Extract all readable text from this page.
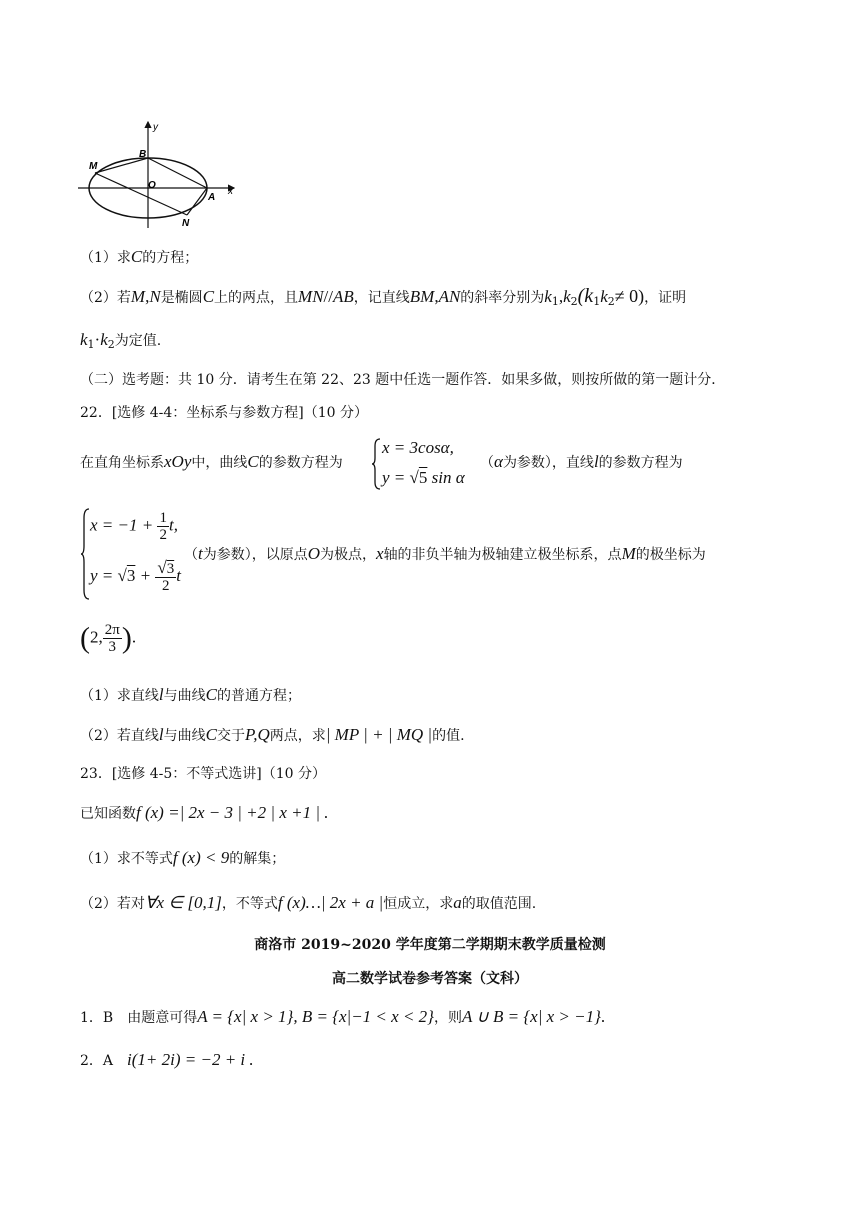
y
B
M
O
A
x
N
（1）求C的方程；
（2）若M,N是椭圆C上的两点，且MN//AB，记直线BM,AN的斜率分别为$k_1,k_2(k_1k_2\ne 0)$，证明
$k_1\cdot k_2$为定值.
（二）选考题：共 10 分．请考生在第 22、23 题中任选一题作答．如果多做，则按所做的第一题计分．
22．[选修 4-4：坐标系与参数方程]（10 分）
在直角坐标系xOy中，曲线C的参数方程为
x = 3cosα,
y = √5 sin α
（α为参数），直线l的参数方程为
$x = -1 + \frac{1}{2} t$,
$y = √3 + \frac{√3}{2}$ t
（t为参数），以原点O为极点，x轴的非负半轴为极轴建立极坐标系，点M的极坐标为
(2, $\frac{2\pi}{3}$ ).
（1）求直线l与曲线C的普通方程；
（2）若直线l与曲线C交于P,Q两点，求| MP | + | MQ |的值.
23．[选修 4-5：不等式选讲]（10 分）
已知函数f (x) =| 2x − 3 | +2 | x +1 | .
（1）求不等式f (x) < 9的解集；
（2）若对∀x ∈ [0,1]，不等式f (x)…| 2x + a |恒成立，求a的取值范围.
商洛市 2019~2020 学年度第二学期期末教学质量检测
高二数学试卷参考答案（文科）
1．B 由题意可得A = {x| x > 1}, B = {x|−1 < x < 2}，则A ∪ B = {x| x > −1}.
2．A i(1+ 2i) = −2 + i .
